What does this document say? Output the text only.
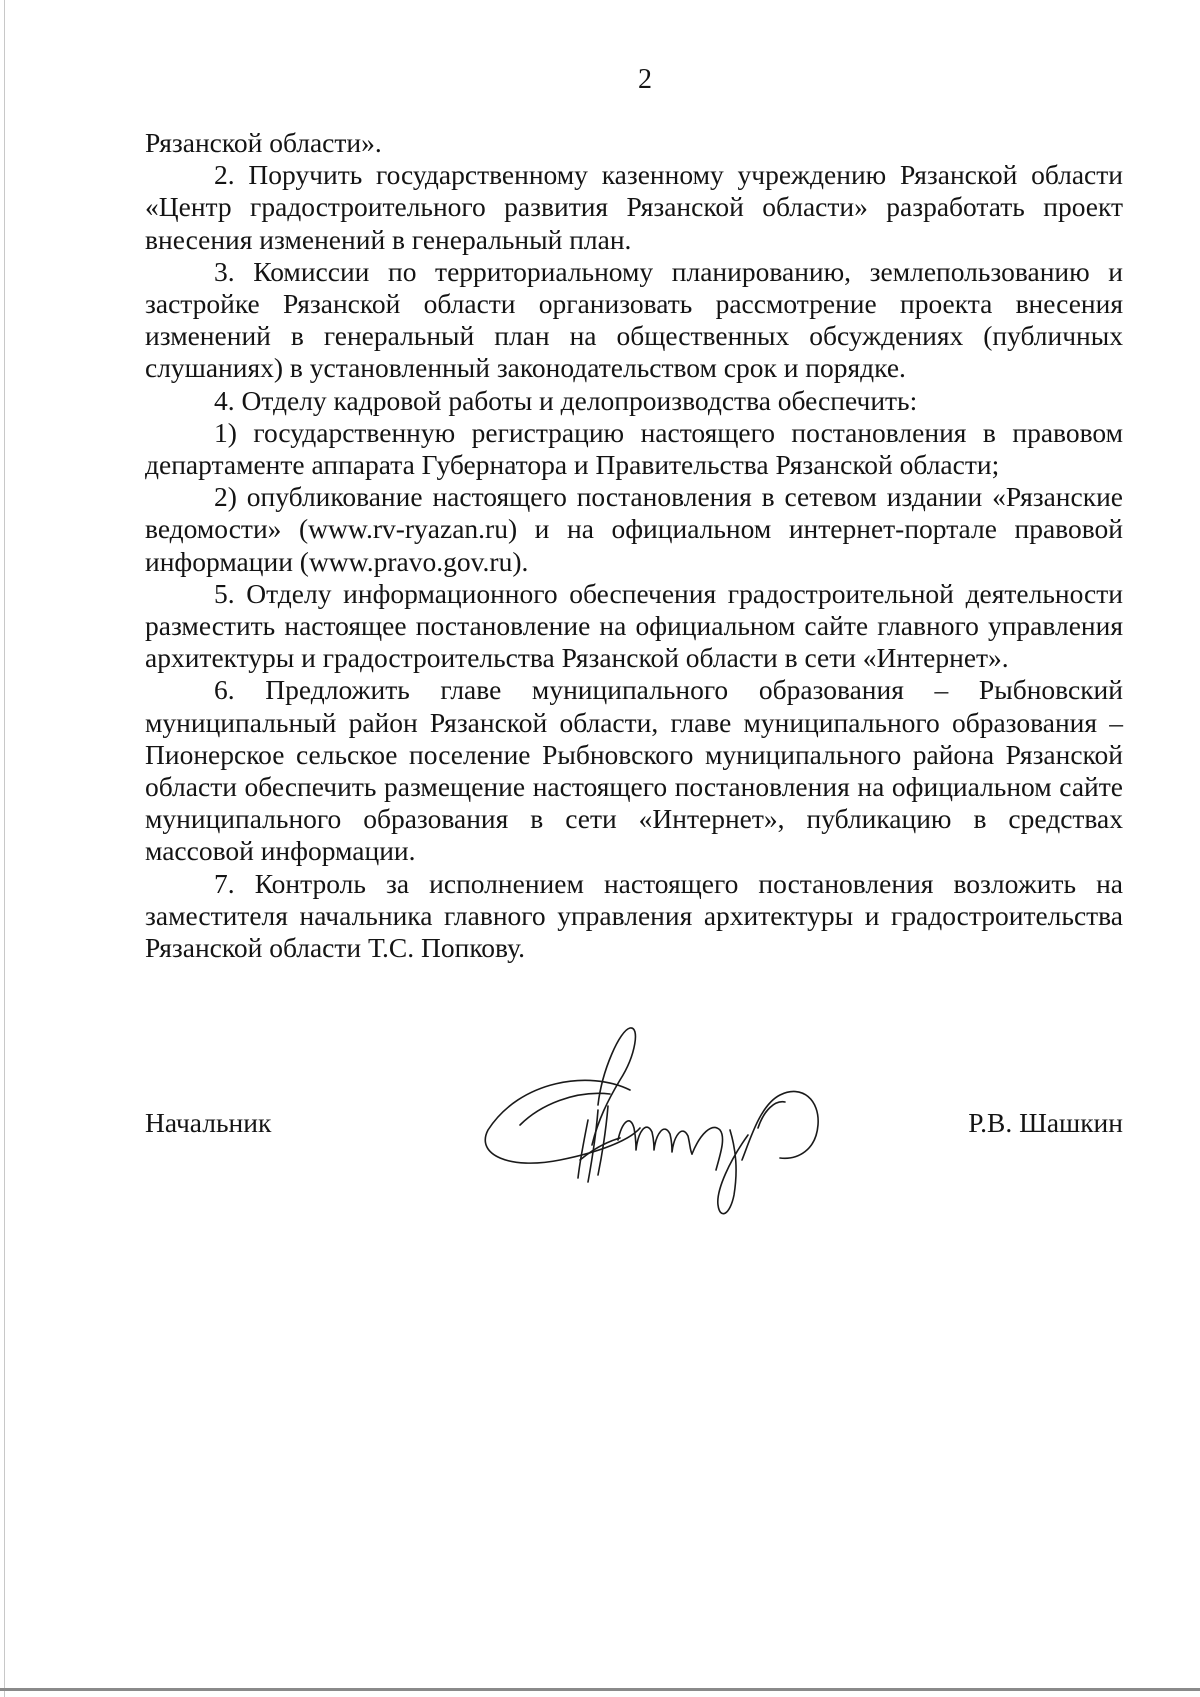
2

Рязанской области».

2. Поручить государственному казенному учреждению Рязанской области «Центр градостроительного развития Рязанской области» разработать проект внесения изменений в генеральный план.

3. Комиссии по территориальному планированию, землепользованию и застройке Рязанской области организовать рассмотрение проекта внесения изменений в генеральный план на общественных обсуждениях (публичных слушаниях) в установленный законодательством срок и порядке.

4. Отделу кадровой работы и делопроизводства обеспечить:

1) государственную регистрацию настоящего постановления в правовом департаменте аппарата Губернатора и Правительства Рязанской области;

2) опубликование настоящего постановления в сетевом издании «Рязанские ведомости» (www.rv-ryazan.ru) и на официальном интернет-портале правовой информации (www.pravo.gov.ru).

5. Отделу информационного обеспечения градостроительной деятельности разместить настоящее постановление на официальном сайте главного управления архитектуры и градостроительства Рязанской области в сети «Интернет».

6. Предложить главе муниципального образования – Рыбновский муниципальный район Рязанской области, главе муниципального образования – Пионерское сельское поселение Рыбновского муниципального района Рязанской области обеспечить размещение настоящего постановления на официальном сайте муниципального образования в сети «Интернет», публикацию в средствах массовой информации.

7. Контроль за исполнением настоящего постановления возложить на заместителя начальника главного управления архитектуры и градостроительства Рязанской области Т.С. Попкову.

Начальник	Р.В. Шашкин
